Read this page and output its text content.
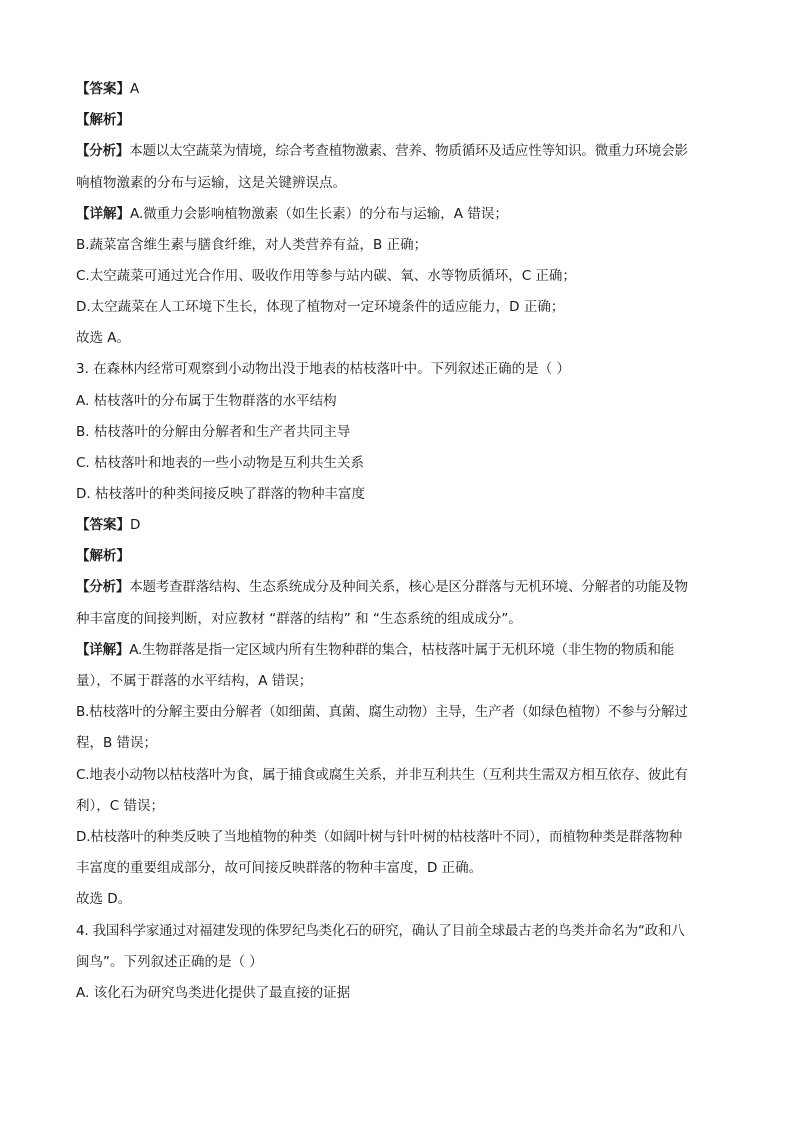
【答案】A
【解析】
【分析】本题以太空蔬菜为情境，综合考查植物激素、营养、物质循环及适应性等知识。微重力环境会影
响植物激素的分布与运输，这是关键辨误点。
【详解】A.微重力会影响植物激素（如生长素）的分布与运输，A 错误；
B.蔬菜富含维生素与膳食纤维，对人类营养有益，B 正确；
C.太空蔬菜可通过光合作用、吸收作用等参与站内碳、氧、水等物质循环，C 正确；
D.太空蔬菜在人工环境下生长，体现了植物对一定环境条件的适应能力，D 正确；
故选 A。
3. 在森林内经常可观察到小动物出没于地表的枯枝落叶中。下列叙述正确的是（ ）
A. 枯枝落叶的分布属于生物群落的水平结构
B. 枯枝落叶的分解由分解者和生产者共同主导
C. 枯枝落叶和地表的一些小动物是互利共生关系
D. 枯枝落叶的种类间接反映了群落的物种丰富度
【答案】D
【解析】
【分析】本题考查群落结构、生态系统成分及种间关系，核心是区分群落与无机环境、分解者的功能及物
种丰富度的间接判断，对应教材 “群落的结构” 和 “生态系统的组成成分”。
【详解】A.生物群落是指一定区域内所有生物种群的集合，枯枝落叶属于无机环境（非生物的物质和能
量），不属于群落的水平结构，A 错误；
B.枯枝落叶的分解主要由分解者（如细菌、真菌、腐生动物）主导，生产者（如绿色植物）不参与分解过
程，B 错误；
C.地表小动物以枯枝落叶为食，属于捕食或腐生关系，并非互利共生（互利共生需双方相互依存、彼此有
利），C 错误；
D.枯枝落叶的种类反映了当地植物的种类（如阔叶树与针叶树的枯枝落叶不同），而植物种类是群落物种
丰富度的重要组成部分，故可间接反映群落的物种丰富度，D 正确。
故选 D。
4. 我国科学家通过对福建发现的侏罗纪鸟类化石的研究，确认了目前全球最古老的鸟类并命名为“政和八
闽鸟”。下列叙述正确的是（ ）
A. 该化石为研究鸟类进化提供了最直接的证据
